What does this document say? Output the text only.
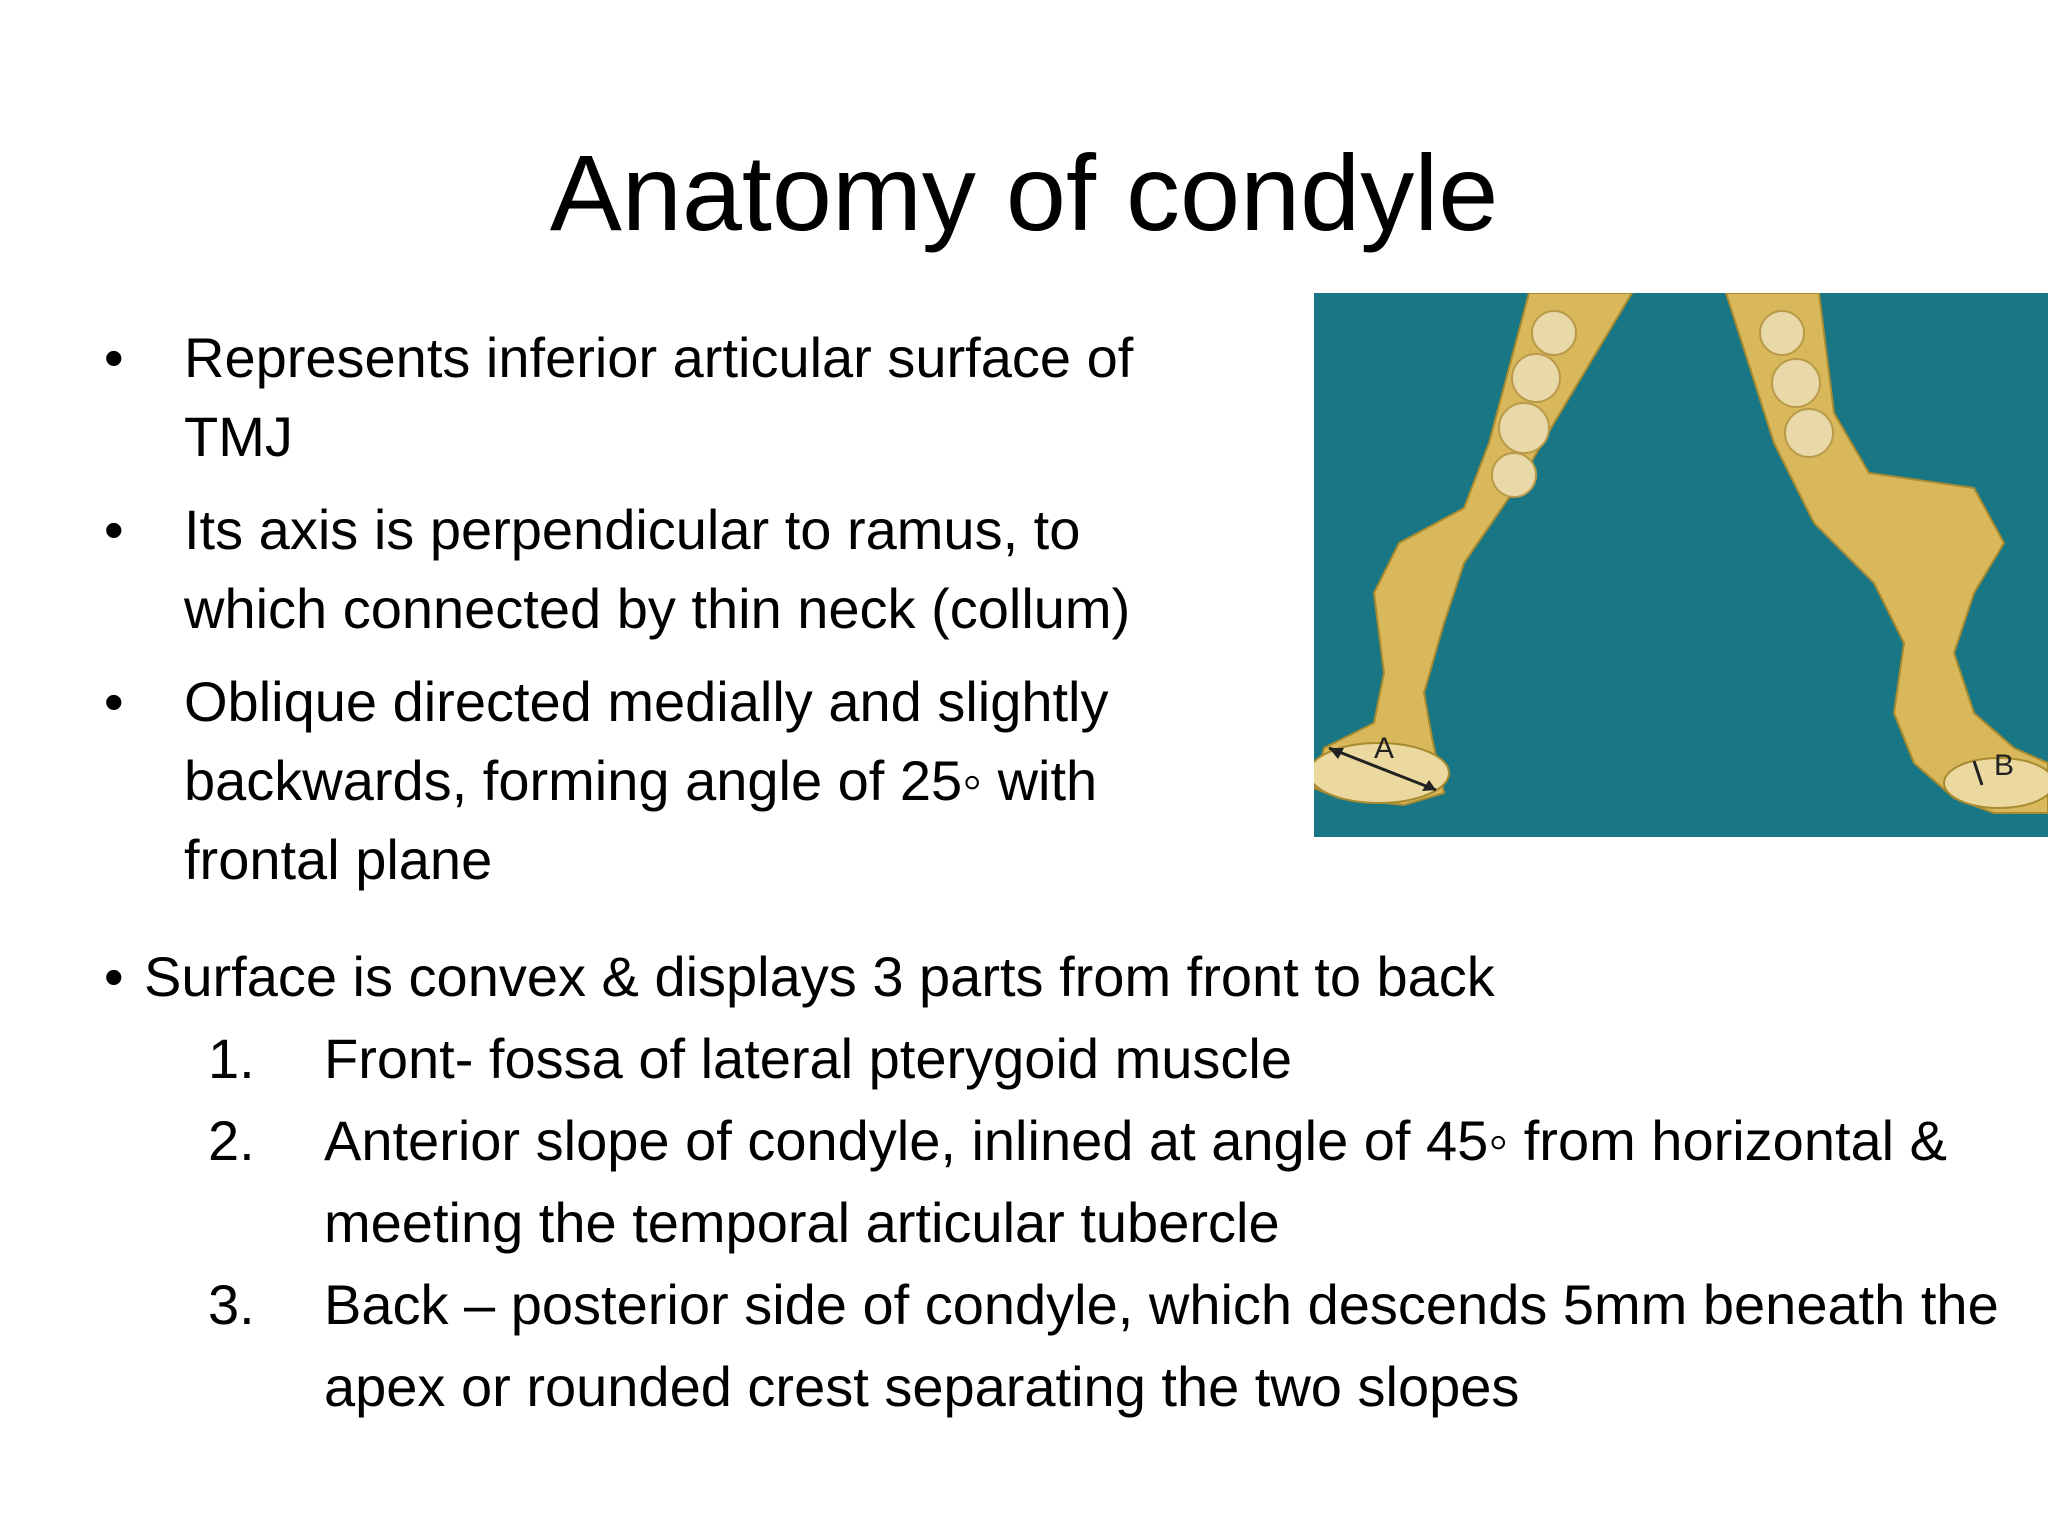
Anatomy of condyle
• Represents inferior articular surface of TMJ
• Its axis is perpendicular to ramus, to which connected by thin neck (collum)
• Oblique directed medially and slightly backwards, forming angle of 25◦ with frontal plane
A
B
• Surface is convex & displays 3 parts from front to back
1. Front- fossa of lateral pterygoid muscle
2. Anterior slope of condyle, inlined at angle of 45◦ from horizontal & meeting the temporal articular tubercle
3. Back – posterior side of condyle, which descends 5mm beneath the apex or rounded crest separating the two slopes
